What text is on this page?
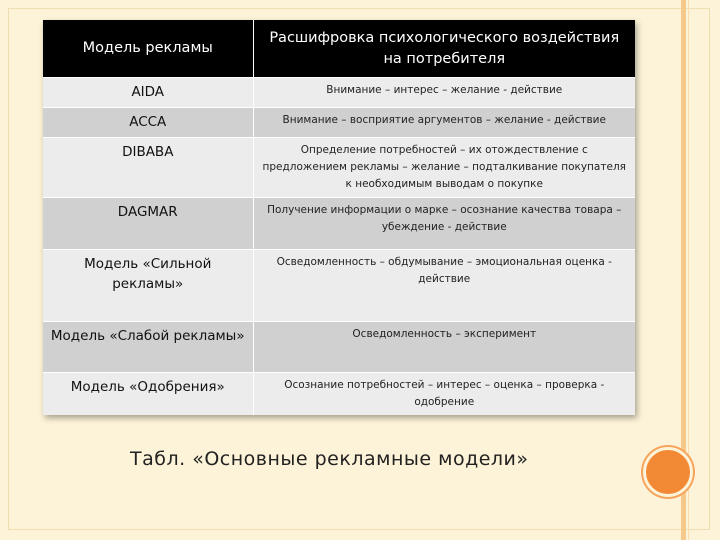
Модель рекламы	Расшифровка психологического воздействия на потребителя
AIDA	Внимание – интерес – желание - действие
ACCA	Внимание – восприятие аргументов – желание - действие
DIBABA	Определение потребностей – их отождествление с предложением рекламы – желание – подталкивание покупателя к необходимым выводам о покупке
DAGMAR	Получение информации о марке – осознание качества товара – убеждение - действие
Модель «Сильной рекламы»	Осведомленность – обдумывание – эмоциональная оценка - действие
Модель «Слабой рекламы»	Осведомленность – эксперимент
Модель «Одобрения»	Осознание потребностей – интерес – оценка – проверка - одобрение
Табл. «Основные рекламные модели»
